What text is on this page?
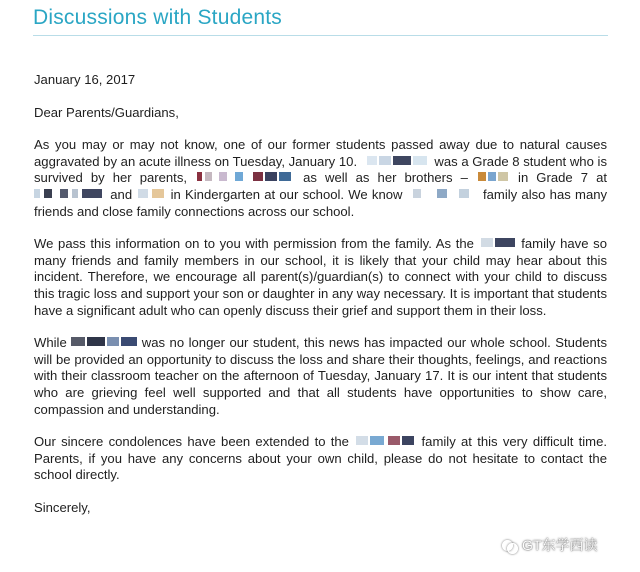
Discussions with Students

January 16, 2017

Dear Parents/Guardians,

As you may or may not know, one of our former students passed away due to natural causes aggravated by an acute illness on Tuesday, January 10.	was a Grade 8 student who is survived by her parents,	as well as her brothers –	in Grade 7 at
and	in Kindergarten at our school. We know	family also has many friends and close family connections across our school.

We pass this information on to you with permission from the family. As the	family have so many friends and family members in our school, it is likely that your child may hear about this incident. Therefore, we encourage all parent(s)/guardian(s) to connect with your child to discuss this tragic loss and support your son or daughter in any way necessary. It is important that students have a significant adult who can openly discuss their grief and support them in their loss.

While	was no longer our student, this news has impacted our whole school. Students will be provided an opportunity to discuss the loss and share their thoughts, feelings, and reactions with their classroom teacher on the afternoon of Tuesday, January 17. It is our intent that students who are grieving feel well supported and that all students have opportunities to show care, compassion and understanding.

Our sincere condolences have been extended to the	family at this very difficult time. Parents, if you have any concerns about your own child, please do not hesitate to contact the school directly.

Sincerely,

GT东学西读
